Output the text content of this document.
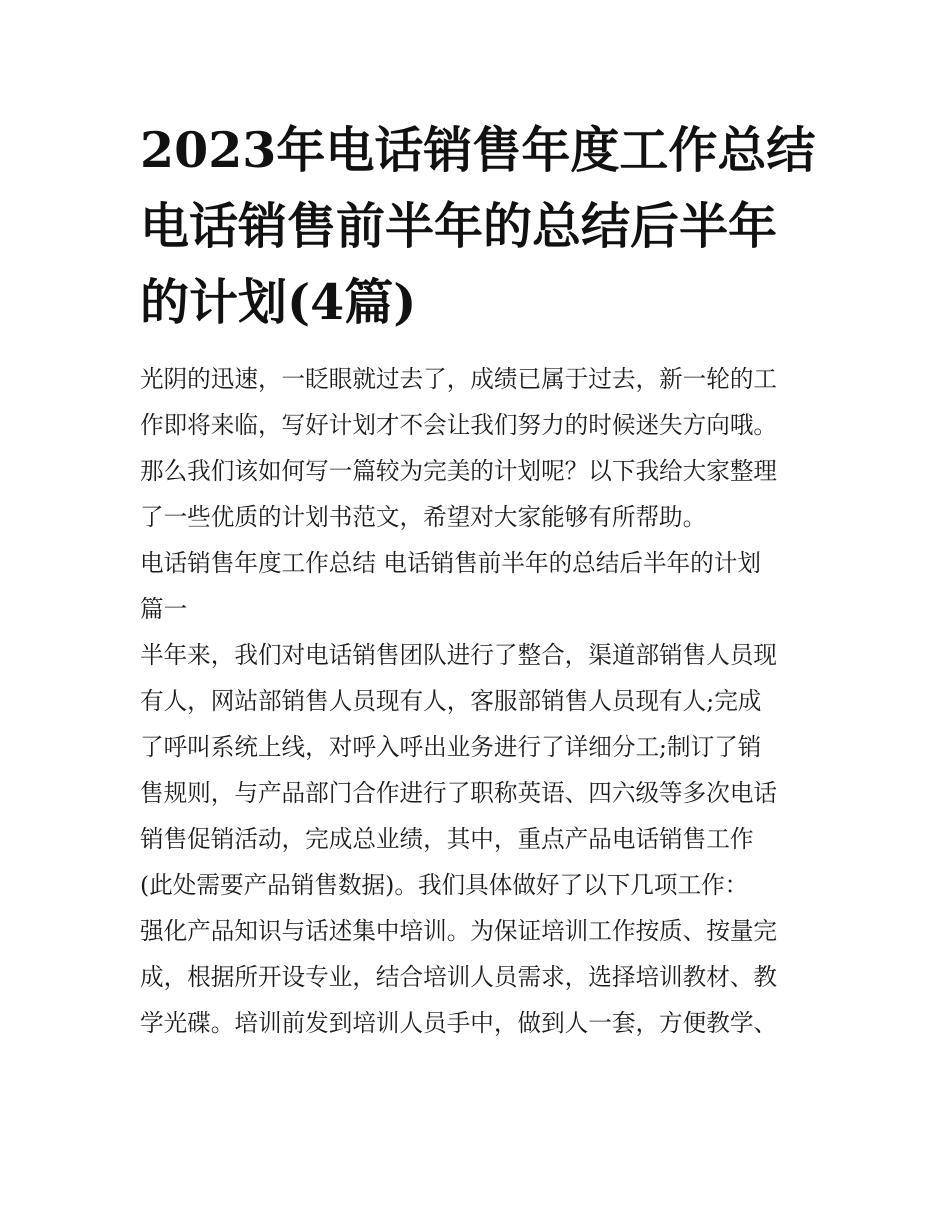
2023年电话销售年度工作总结
电话销售前半年的总结后半年
的计划(4篇)
光阴的迅速，一眨眼就过去了，成绩已属于过去，新一轮的工
作即将来临，写好计划才不会让我们努力的时候迷失方向哦。
那么我们该如何写一篇较为完美的计划呢？以下我给大家整理
了一些优质的计划书范文，希望对大家能够有所帮助。
电话销售年度工作总结 电话销售前半年的总结后半年的计划
篇一
半年来，我们对电话销售团队进行了整合，渠道部销售人员现
有人，网站部销售人员现有人，客服部销售人员现有人;完成
了呼叫系统上线，对呼入呼出业务进行了详细分工;制订了销
售规则，与产品部门合作进行了职称英语、四六级等多次电话
销售促销活动，完成总业绩，其中，重点产品电话销售工作
(此处需要产品销售数据)。我们具体做好了以下几项工作：
强化产品知识与话述集中培训。为保证培训工作按质、按量完
成，根据所开设专业，结合培训人员需求，选择培训教材、教
学光碟。培训前发到培训人员手中，做到人一套，方便教学、
